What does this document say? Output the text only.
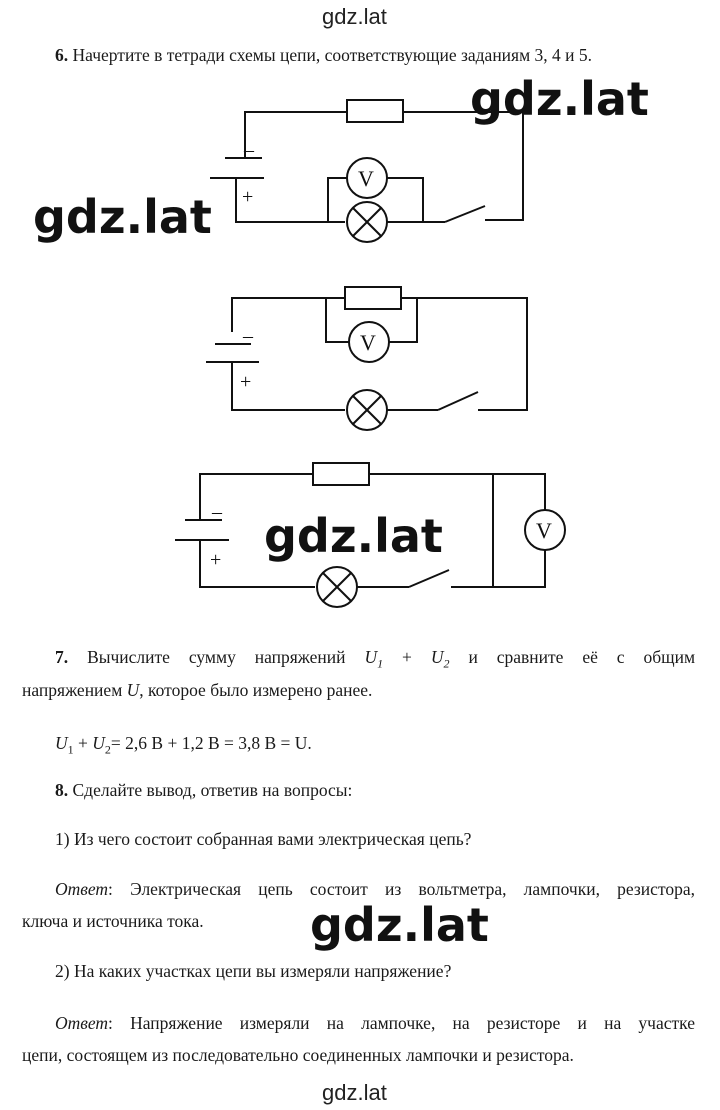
gdz.lat
6. Начертите в тетради схемы цепи, соответствующие заданиям 3, 4 и 5.
–
+
V
–
+
V
–
+
V
gdz.lat
gdz.lat
gdz.lat
7. Вычислите сумму напряжений $U_1 + U_2$ и сравните её с общим
напряжением U, которое было измерено ранее.
$U_1 + U_2= 2,6$ В + 1,2 В = 3,8 В = U.
8. Сделайте вывод, ответив на вопросы:
1) Из чего состоит собранная вами электрическая цепь?
Ответ: Электрическая цепь состоит из вольтметра, лампочки, резистора,
ключа и источника тока. gdz.lat
2) На каких участках цепи вы измеряли напряжение?
Ответ: Напряжение измеряли на лампочке, на резисторе и на участке
цепи, состоящем из последовательно соединенных лампочки и резистора.
gdz.lat
